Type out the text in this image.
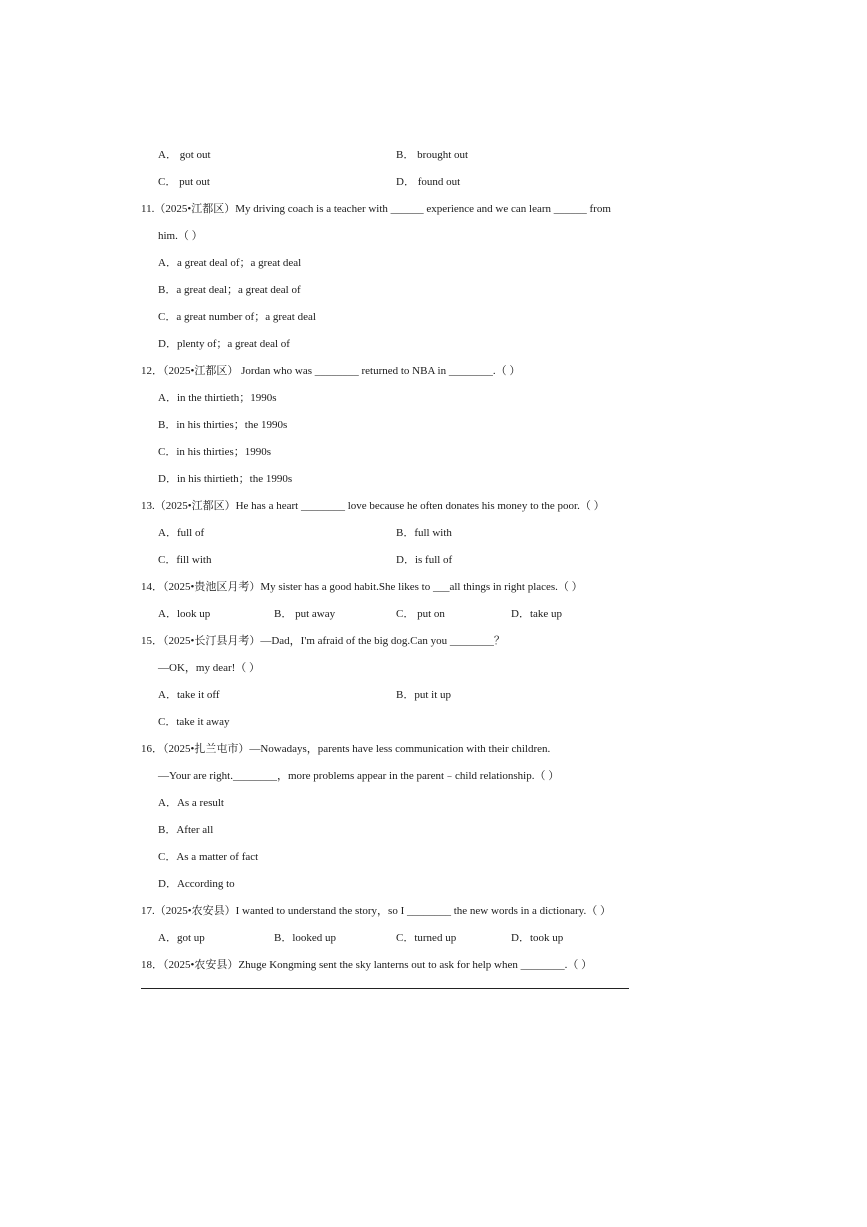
A． got out	B． brought out
C． put out	D． found out
11.（2025•江都区）My driving coach is a teacher with ______ experience and we can learn ______ from
him.（ ）
A．a great deal of；a great deal
B．a great deal；a great deal of
C．a great number of；a great deal
D．plenty of；a great deal of
12．（2025•江都区） Jordan who was ________ returned to NBA in ________.（ ）
A．in the thirtieth；1990s
B．in his thirties；the 1990s
C．in his thirties；1990s
D．in his thirtieth；the 1990s
13.（2025•江都区）He has a heart ________ love because he often donates his money to the poor.（ ）
A．full of	B．full with
C．fill with	D．is full of
14．（2025•贵池区月考）My sister has a good habit.She likes to ___all things in right places.（ ）
A．look up	B． put away	C． put on	D．take up
15．（2025•长汀县月考）—Dad，I'm afraid of the big dog.Can you ________？
—OK，my dear!（ ）
A．take it off	B．put it up
C．take it away
16．（2025•扎兰屯市）—Nowadays，parents have less communication with their children.
—Your are right.________，more problems appear in the parent﹣child relationship.（ ）
A．As a result
B．After all
C．As a matter of fact
D．According to
17.（2025•农安县）I wanted to understand the story，so I ________ the new words in a dictionary.（ ）
A．got up	B．looked up	C．turned up	D．took up
18．（2025•农安县）Zhuge Kongming sent the sky lanterns out to ask for help when ________.（ ）
